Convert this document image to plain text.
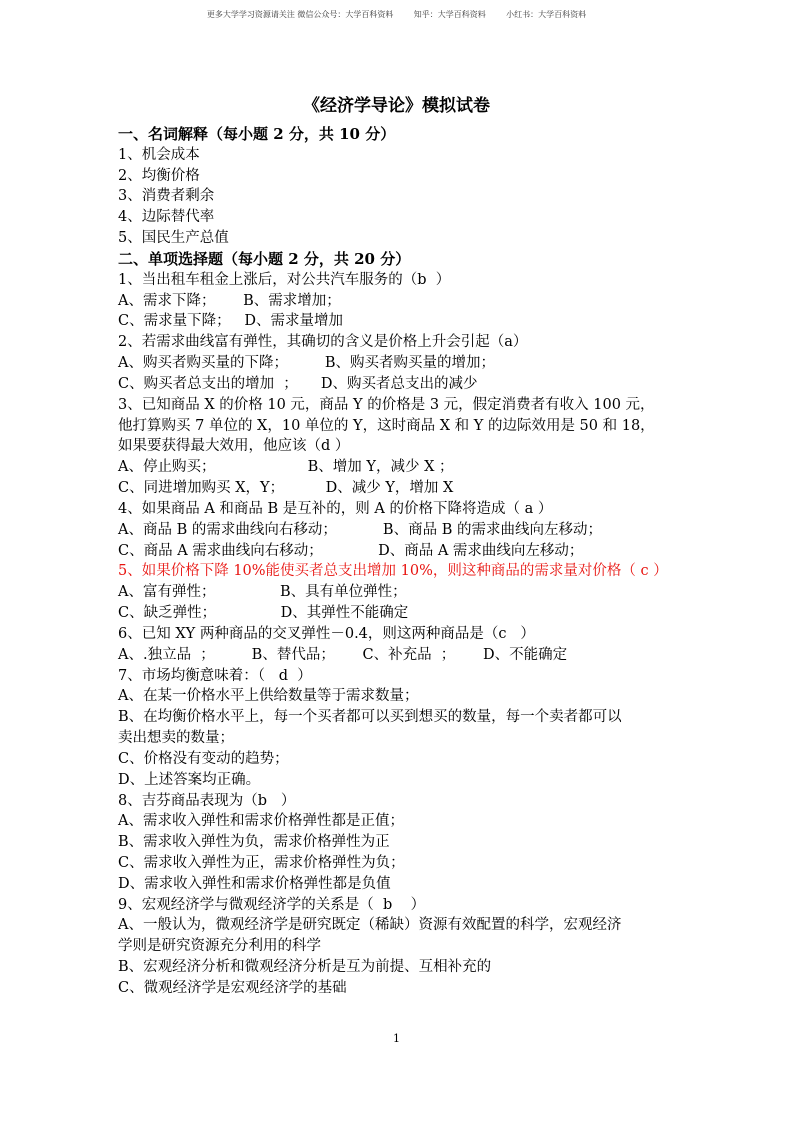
更多大学学习资源请关注 微信公众号：大学百科资料        知乎：大学百科资料        小红书：大学百科资料
《经济学导论》模拟试卷
一、名词解释（每小题 2 分，共 10 分）
1、机会成本
2、均衡价格
3、消费者剩余
4、边际替代率
5、国民生产总值
二、单项选择题（每小题 2 分，共 20 分）
1、当出租车租金上涨后，对公共汽车服务的（b  ）
A、需求下降；      B、需求增加；
C、需求量下降；   D、需求量增加
2、若需求曲线富有弹性，其确切的含义是价格上升会引起（a）
A、购买者购买量的下降；        B、购买者购买量的增加；
C、购买者总支出的增加  ；     D、购买者总支出的减少
3、已知商品 X 的价格 10 元，商品 Y 的价格是 3 元，假定消费者有收入 100 元，
他打算购买 7 单位的 X，10 单位的 Y，这时商品 X 和 Y 的边际效用是 50 和 18，
如果要获得最大效用，他应该（d ）
A、停止购买；                    B、增加 Y，减少 X ；
C、同进增加购买 X，Y；         D、减少 Y，增加 X
4、如果商品 A 和商品 B 是互补的，则 A 的价格下降将造成（ a ）
A、商品 B 的需求曲线向右移动；          B、商品 B 的需求曲线向左移动；
C、商品 A 需求曲线向右移动；            D、商品 A 需求曲线向左移动；
5、如果价格下降 10%能使买者总支出增加 10%，则这种商品的需求量对价格（ c ）
A、富有弹性；              B、具有单位弹性；
C、缺乏弹性；              D、其弹性不能确定
6、已知 XY 两种商品的交叉弹性－0.4，则这两种商品是（c   ）
A、.独立品  ；        B、替代品；      C、补充品  ；      D、不能确定
7、市场均衡意味着：（   d  ）
A、在某一价格水平上供给数量等于需求数量；
B、在均衡价格水平上，每一个买者都可以买到想买的数量，每一个卖者都可以
卖出想卖的数量；
C、价格没有变动的趋势；
D、上述答案均正确。
8、吉芬商品表现为（b   ）
A、需求收入弹性和需求价格弹性都是正值；
B、需求收入弹性为负，需求价格弹性为正
C、需求收入弹性为正，需求价格弹性为负；
D、需求收入弹性和需求价格弹性都是负值
9、宏观经济学与微观经济学的关系是（  b    ）
A、一般认为，微观经济学是研究既定（稀缺）资源有效配置的科学，宏观经济
学则是研究资源充分利用的科学
B、宏观经济分析和微观经济分析是互为前提、互相补充的
C、微观经济学是宏观经济学的基础
1
